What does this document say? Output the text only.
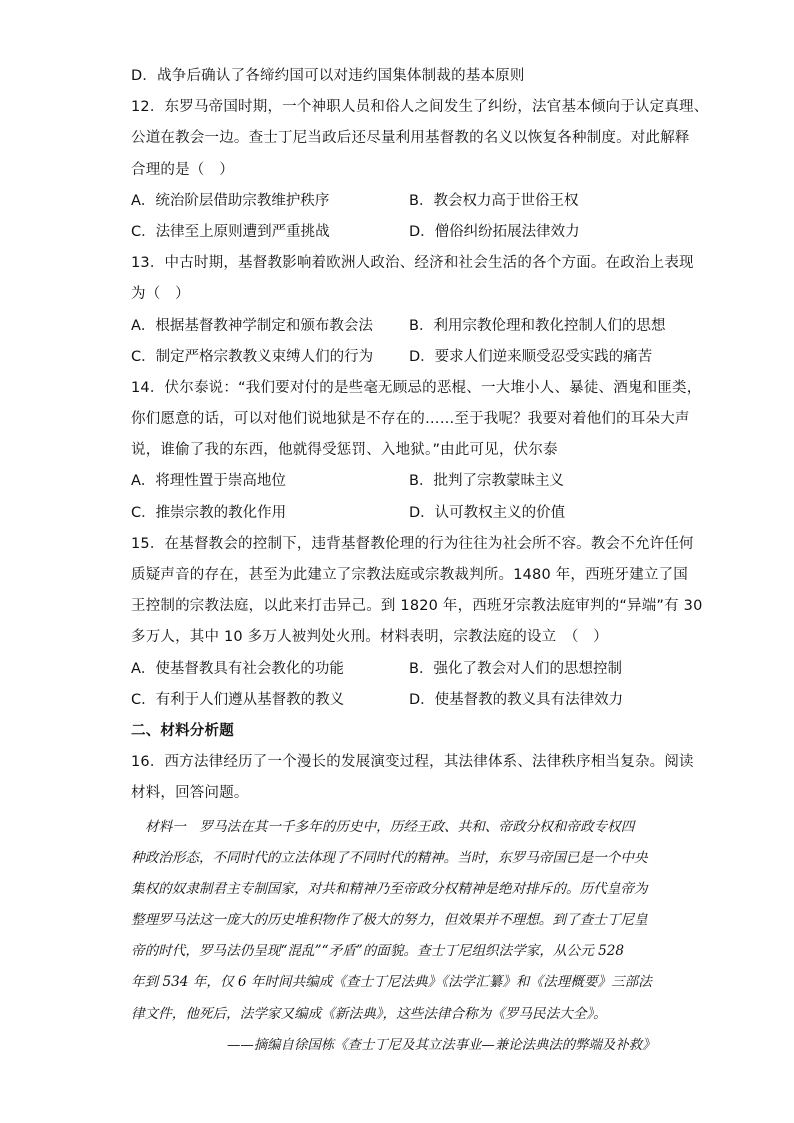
D．战争后确认了各缔约国可以对违约国集体制裁的基本原则
12．东罗马帝国时期，一个神职人员和俗人之间发生了纠纷，法官基本倾向于认定真理、
公道在教会一边。查士丁尼当政后还尽量利用基督教的名义以恢复各种制度。对此解释
合理的是（　）
A．统治阶层借助宗教维护秩序	B．教会权力高于世俗王权
C．法律至上原则遭到严重挑战	D．僧俗纠纷拓展法律效力
13．中古时期，基督教影响着欧洲人政治、经济和社会生活的各个方面。在政治上表现
为（　）
A．根据基督教神学制定和颁布教会法	B．利用宗教伦理和教化控制人们的思想
C．制定严格宗教教义束缚人们的行为	D．要求人们逆来顺受忍受实践的痛苦
14．伏尔泰说：“我们要对付的是些毫无顾忌的恶棍、一大堆小人、暴徒、酒鬼和匪类，
你们愿意的话，可以对他们说地狱是不存在的……至于我呢？我要对着他们的耳朵大声
说，谁偷了我的东西，他就得受惩罚、入地狱。”由此可见，伏尔泰
A．将理性置于崇高地位	B．批判了宗教蒙昧主义
C．推崇宗教的教化作用	D．认可教权主义的价值
15．在基督教会的控制下，违背基督教伦理的行为往往为社会所不容。教会不允许任何
质疑声音的存在，甚至为此建立了宗教法庭或宗教裁判所。1480 年，西班牙建立了国
王控制的宗教法庭，以此来打击异己。到 1820 年，西班牙宗教法庭审判的“异端”有 30
多万人，其中 10 多万人被判处火刑。材料表明，宗教法庭的设立　（　）
A．使基督教具有社会教化的功能	B．强化了教会对人们的思想控制
C．有利于人们遵从基督教的教义	D．使基督教的教义具有法律效力
二、材料分析题
16．西方法律经历了一个漫长的发展演变过程，其法律体系、法律秩序相当复杂。阅读
材料，回答问题。
材料一　罗马法在其一千多年的历史中，历经王政、共和、帝政分权和帝政专权四
种政治形态，不同时代的立法体现了不同时代的精神。当时，东罗马帝国已是一个中央
集权的奴隶制君主专制国家，对共和精神乃至帝政分权精神是绝对排斥的。历代皇帝为
整理罗马法这一庞大的历史堆积物作了极大的努力，但效果并不理想。到了查士丁尼皇
帝的时代，罗马法仍呈现“混乱”“矛盾”的面貌。查士丁尼组织法学家，从公元 528
年到 534 年，仅 6 年时间共编成《查士丁尼法典》《法学汇纂》和《法理概要》三部法
律文件，他死后，法学家又编成《新法典》，这些法律合称为《罗马民法大全》。
——摘编自徐国栋《查士丁尼及其立法事业—兼论法典法的弊端及补救》
